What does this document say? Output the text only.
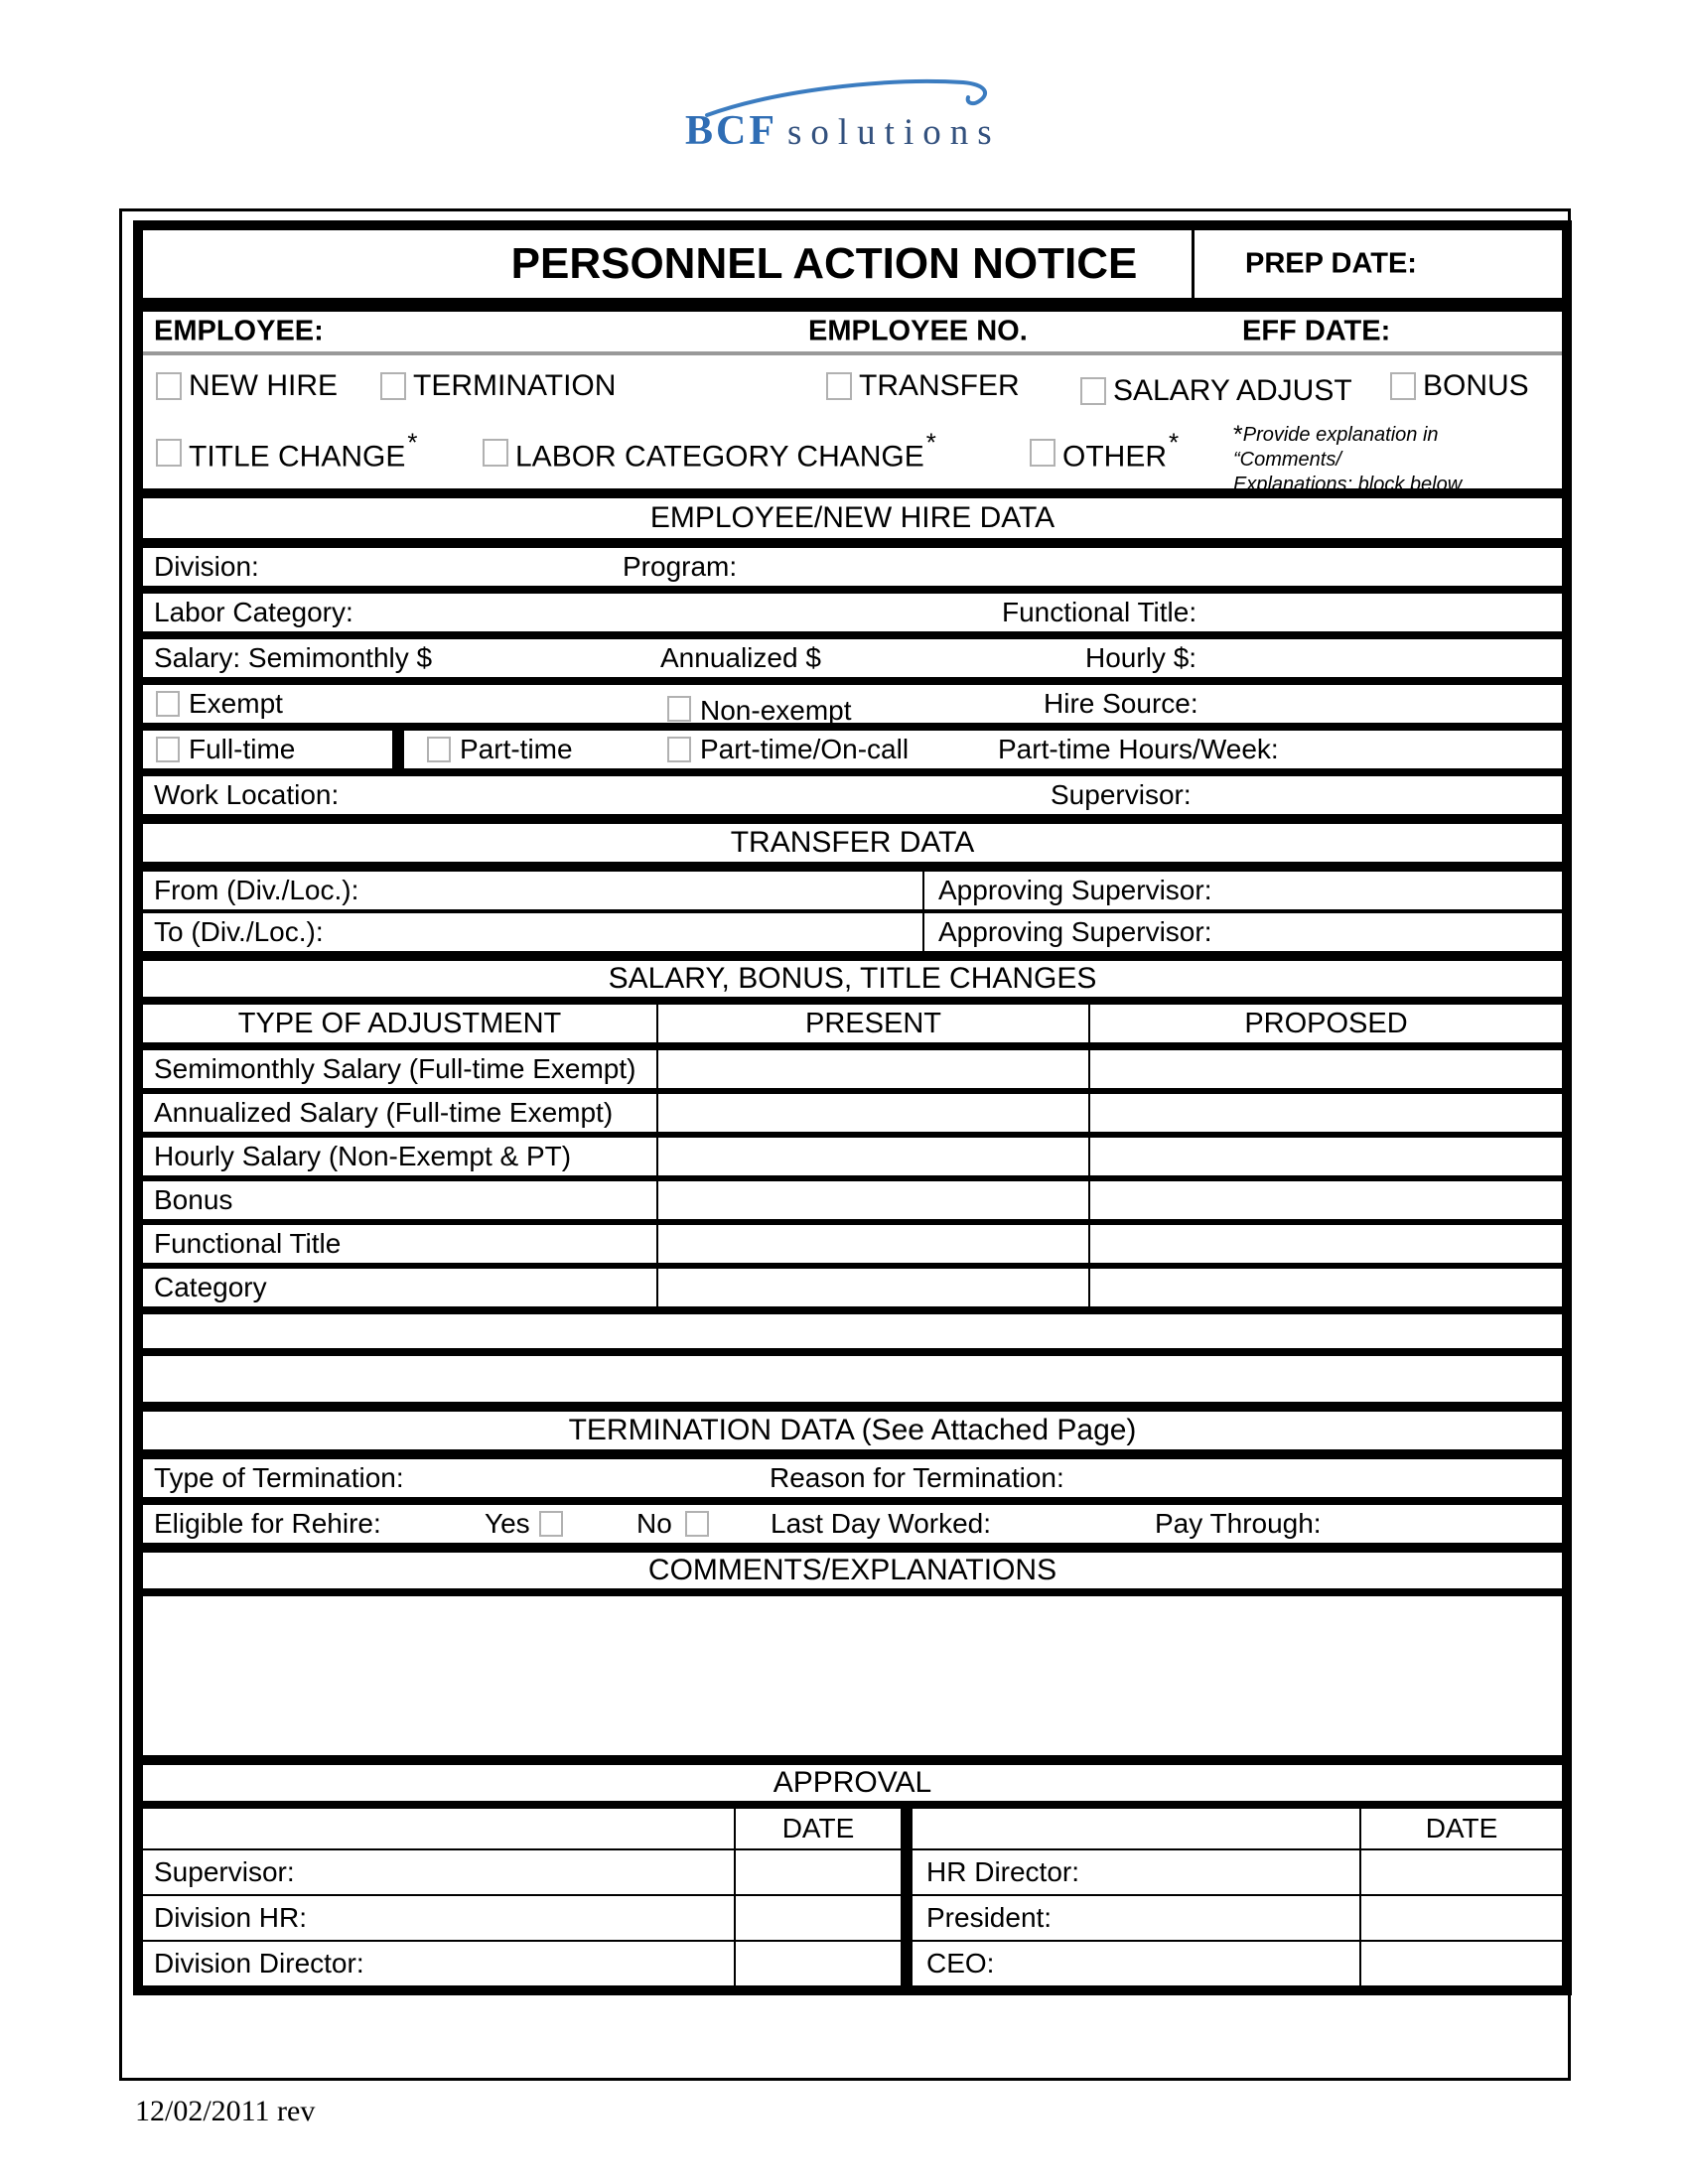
BCF solutions
PERSONNEL ACTION NOTICE	PREP DATE:
EMPLOYEE:	EMPLOYEE NO.	EFF DATE:
NEW HIRE	TERMINATION	TRANSFER	SALARY ADJUST BONUS
TITLE CHANGE*	LABOR CATEGORY CHANGE*	OTHER* *Provide explanation in “Comments/
Explanations: block below
EMPLOYEE/NEW HIRE DATA
Division:	Program:
Labor Category:	Functional Title:
Salary: Semimonthly $	Annualized $	Hourly $:
Exempt	Non-exempt	Hire Source:
Full-time	Part-time	Part-time/On-call	Part-time Hours/Week:
Work Location:	Supervisor:
TRANSFER DATA
From (Div./Loc.):	Approving Supervisor:
To (Div./Loc.):	Approving Supervisor:
SALARY, BONUS, TITLE CHANGES
TYPE OF ADJUSTMENT	PRESENT	PROPOSED
Semimonthly Salary (Full-time Exempt)
Annualized Salary (Full-time Exempt)
Hourly Salary (Non-Exempt & PT)
Bonus
Functional Title
Category
TERMINATION DATA (See Attached Page)
Type of Termination:	Reason for Termination:
Eligible for Rehire:	Yes	No	Last Day Worked:	Pay Through:
COMMENTS/EXPLANATIONS
APPROVAL
DATE	DATE
Supervisor:	HR Director:
Division HR:	President:
Division Director:	CEO:
12/02/2011 rev
